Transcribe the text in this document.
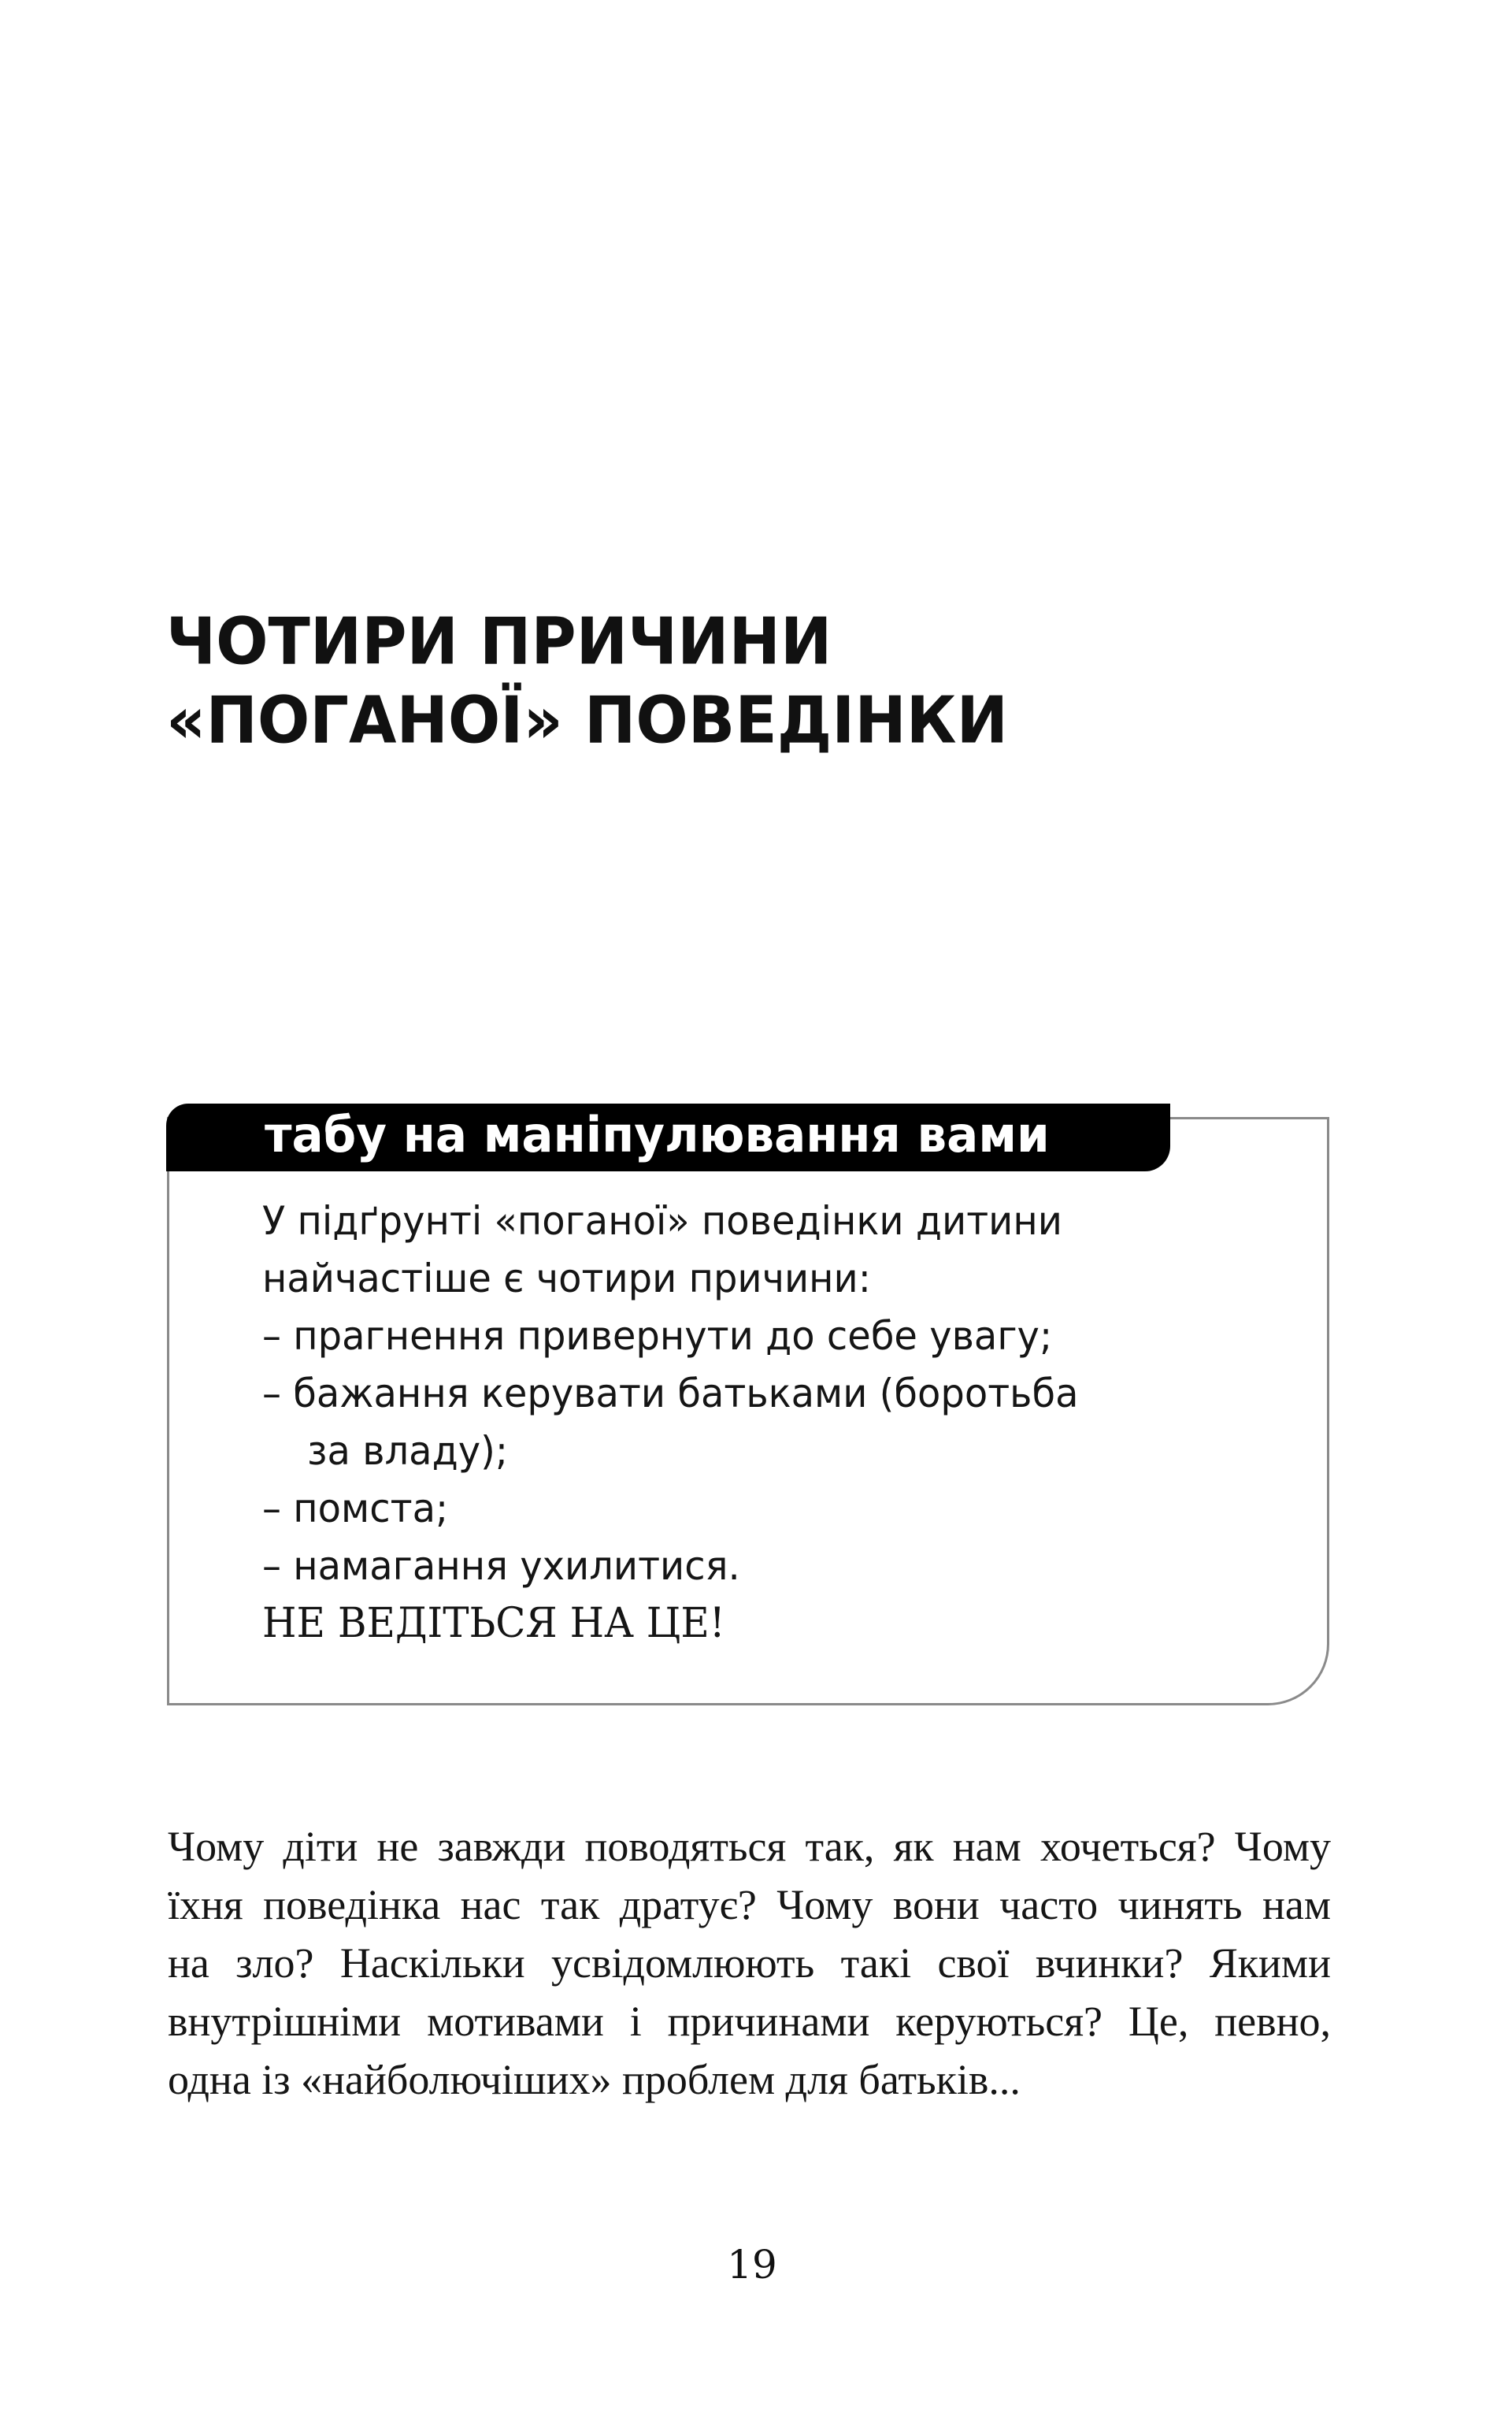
ЧОТИРИ ПРИЧИНИ
«ПОГАНОЇ» ПОВЕДІНКИ
табу на маніпулювання вами
У підґрунті «поганої» поведінки дитини
найчастіше є чотири причини:
– прагнення привернути до себе увагу;
– бажання керувати батьками (боротьба
за владу);
– помста;
– намагання ухилитися.
НЕ ВЕДІТЬСЯ НА ЦЕ!
Чому діти не завжди поводяться так, як нам хочеться? Чому
їхня поведінка нас так дратує? Чому вони часто чинять нам
на зло? Наскільки усвідомлюють такі свої вчинки? Якими
внутрішніми мотивами і причинами керуються? Це, певно,
одна із «найболючіших» проблем для батьків...
19
